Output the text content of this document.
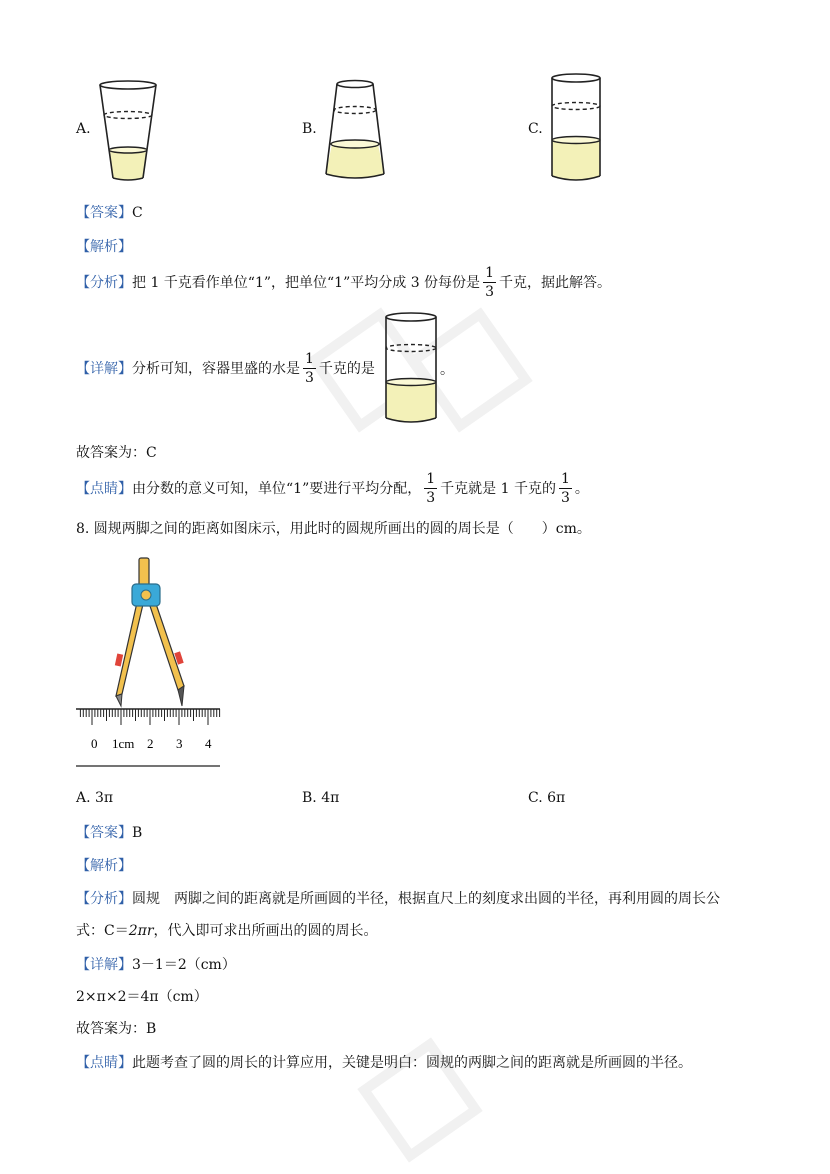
A.	B.	C.
【答案】C
【解析】
【分析】 把 1 千克看作单位“1”，把单位“1”平均分成 3 份每份是 $\frac{1}{3}$ 千克，据此解答。
【详解】 分析可知，容器里盛的水是 $\frac{1}{3}$ 千克的是	。
故答案为：C
【点睛】 由分数的意义可知，单位“1”要进行平均分配， $\frac{1}{3}$ 千克就是 1 千克的 $\frac{1}{3}$ 。
8. 圆规两脚之间的距离如图床示，用此时的圆规所画出的圆的周长是（　　）cm。
0 1cm 2 3 4
A. 3π	B. 4π	C. 6π
【答案】B
【解析】
【分析】圆规　两脚之间的距离就是所画圆的半径，根据直尺上的刻度求出圆的半径，再利用圆的周长公
式：C＝2πr，代入即可求出所画出的圆的周长。
【详解】3－1＝2（cm）
2×π×2＝4π（cm）
故答案为：B
【点睛】此题考查了圆的周长的计算应用，关键是明白：圆规的两脚之间的距离就是所画圆的半径。
